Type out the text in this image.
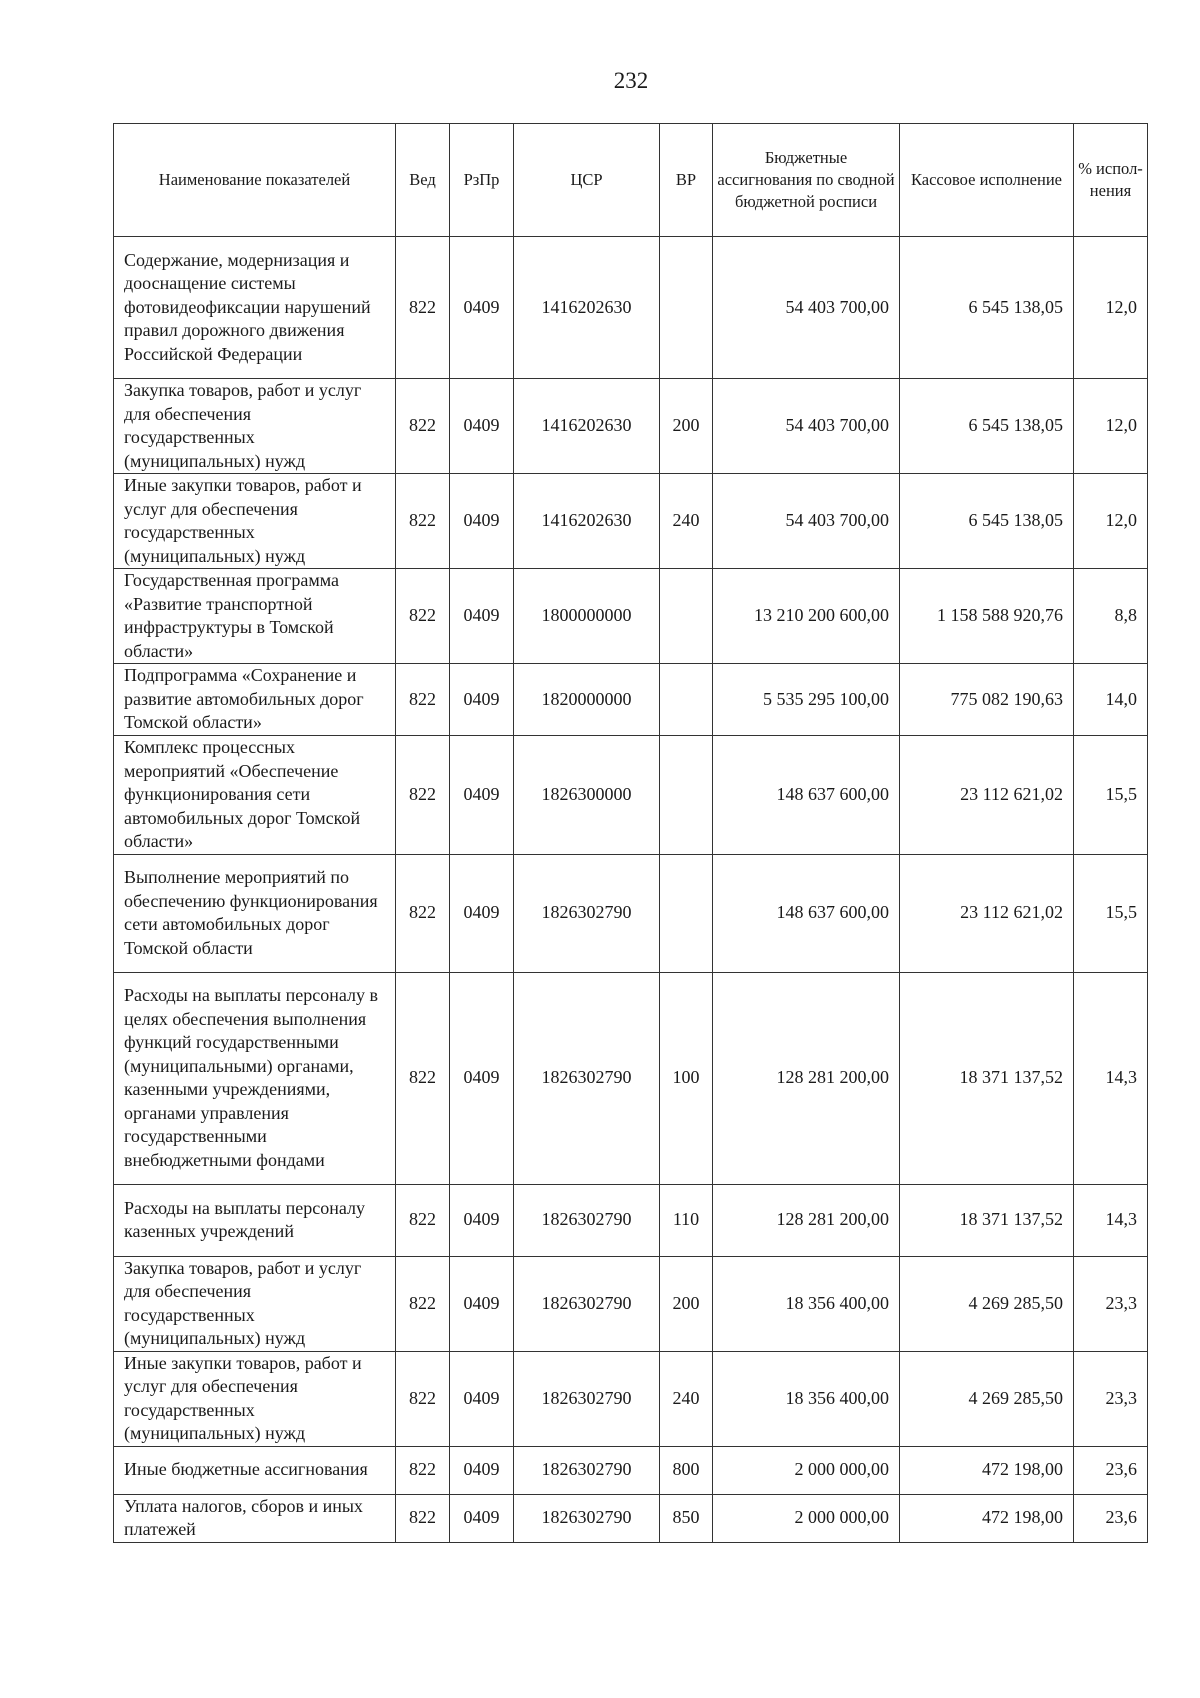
232
Наименование показателей	Вед	РзПр	ЦСР	ВР	Бюджетные ассигнования по сводной бюджетной росписи	Кассовое исполнение	% испол-нения
Содержание, модернизация и дооснащение системы фотовидеофиксации нарушений правил дорожного движения Российской Федерации	822	0409	1416202630		54 403 700,00	6 545 138,05	12,0
Закупка товаров, работ и услуг для обеспечения государственных (муниципальных) нужд	822	0409	1416202630	200	54 403 700,00	6 545 138,05	12,0
Иные закупки товаров, работ и услуг для обеспечения государственных (муниципальных) нужд	822	0409	1416202630	240	54 403 700,00	6 545 138,05	12,0
Государственная программа «Развитие транспортной инфраструктуры в Томской области»	822	0409	1800000000		13 210 200 600,00	1 158 588 920,76	8,8
Подпрограмма «Сохранение и развитие автомобильных дорог Томской области»	822	0409	1820000000		5 535 295 100,00	775 082 190,63	14,0
Комплекс процессных мероприятий «Обеспечение функционирования сети автомобильных дорог Томской области»	822	0409	1826300000		148 637 600,00	23 112 621,02	15,5
Выполнение мероприятий по обеспечению функционирования сети автомобильных дорог Томской области	822	0409	1826302790		148 637 600,00	23 112 621,02	15,5
Расходы на выплаты персоналу в целях обеспечения выполнения функций государственными (муниципальными) органами, казенными учреждениями, органами управления государственными внебюджетными фондами	822	0409	1826302790	100	128 281 200,00	18 371 137,52	14,3
Расходы на выплаты персоналу казенных учреждений	822	0409	1826302790	110	128 281 200,00	18 371 137,52	14,3
Закупка товаров, работ и услуг для обеспечения государственных (муниципальных) нужд	822	0409	1826302790	200	18 356 400,00	4 269 285,50	23,3
Иные закупки товаров, работ и услуг для обеспечения государственных (муниципальных) нужд	822	0409	1826302790	240	18 356 400,00	4 269 285,50	23,3
Иные бюджетные ассигнования	822	0409	1826302790	800	2 000 000,00	472 198,00	23,6
Уплата налогов, сборов и иных платежей	822	0409	1826302790	850	2 000 000,00	472 198,00	23,6
